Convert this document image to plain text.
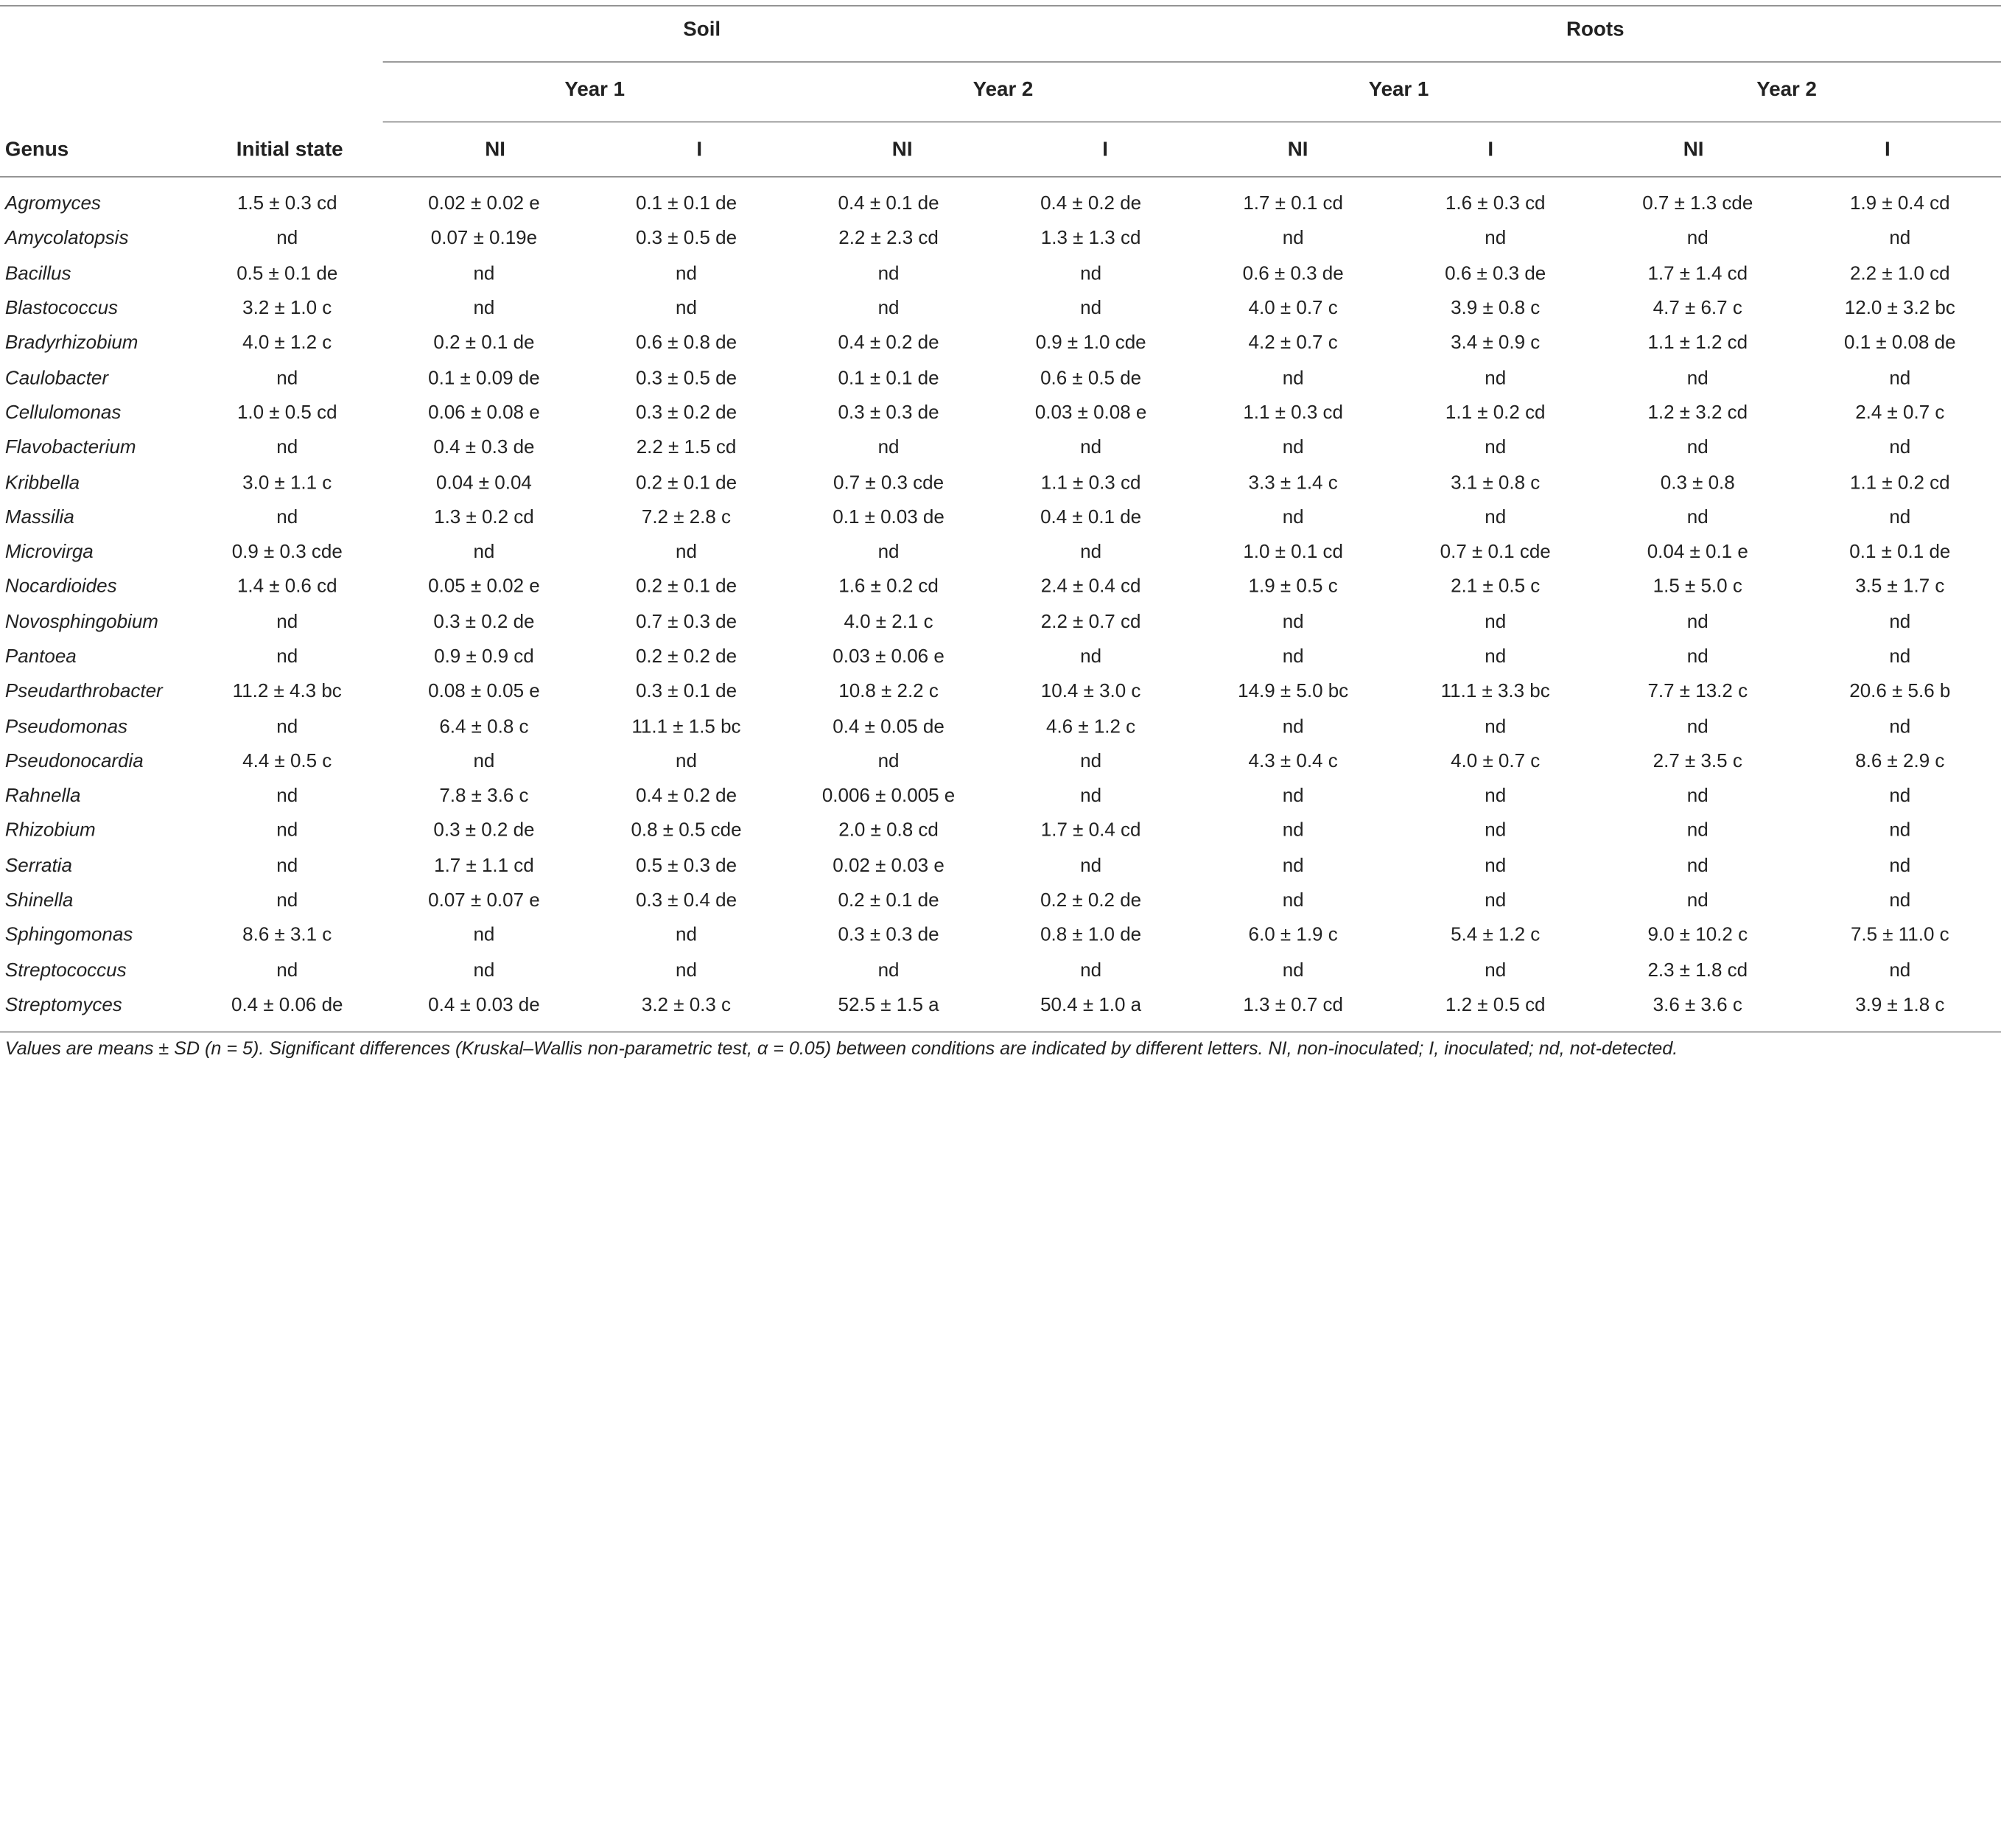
Soil	Roots
Year 1	Year 2	Year 1	Year 2
Genus	Initial state	NI	I	NI	I	NI	I	NI	I
Agromyces	1.5 ± 0.3 cd	0.02 ± 0.02 e	0.1 ± 0.1 de	0.4 ± 0.1 de	0.4 ± 0.2 de	1.7 ± 0.1 cd	1.6 ± 0.3 cd	0.7 ± 1.3 cde	1.9 ± 0.4 cd
Amycolatopsis	nd	0.07 ± 0.19e	0.3 ± 0.5 de	2.2 ± 2.3 cd	1.3 ± 1.3 cd	nd	nd	nd	nd
Bacillus	0.5 ± 0.1 de	nd	nd	nd	nd	0.6 ± 0.3 de	0.6 ± 0.3 de	1.7 ± 1.4 cd	2.2 ± 1.0 cd
Blastococcus	3.2 ± 1.0 c	nd	nd	nd	nd	4.0 ± 0.7 c	3.9 ± 0.8 c	4.7 ± 6.7 c	12.0 ± 3.2 bc
Bradyrhizobium	4.0 ± 1.2 c	0.2 ± 0.1 de	0.6 ± 0.8 de	0.4 ± 0.2 de	0.9 ± 1.0 cde	4.2 ± 0.7 c	3.4 ± 0.9 c	1.1 ± 1.2 cd	0.1 ± 0.08 de
Caulobacter	nd	0.1 ± 0.09 de	0.3 ± 0.5 de	0.1 ± 0.1 de	0.6 ± 0.5 de	nd	nd	nd	nd
Cellulomonas	1.0 ± 0.5 cd	0.06 ± 0.08 e	0.3 ± 0.2 de	0.3 ± 0.3 de	0.03 ± 0.08 e	1.1 ± 0.3 cd	1.1 ± 0.2 cd	1.2 ± 3.2 cd	2.4 ± 0.7 c
Flavobacterium	nd	0.4 ± 0.3 de	2.2 ± 1.5 cd	nd	nd	nd	nd	nd	nd
Kribbella	3.0 ± 1.1 c	0.04 ± 0.04	0.2 ± 0.1 de	0.7 ± 0.3 cde	1.1 ± 0.3 cd	3.3 ± 1.4 c	3.1 ± 0.8 c	0.3 ± 0.8	1.1 ± 0.2 cd
Massilia	nd	1.3 ± 0.2 cd	7.2 ± 2.8 c	0.1 ± 0.03 de	0.4 ± 0.1 de	nd	nd	nd	nd
Microvirga	0.9 ± 0.3 cde	nd	nd	nd	nd	1.0 ± 0.1 cd	0.7 ± 0.1 cde	0.04 ± 0.1 e	0.1 ± 0.1 de
Nocardioides	1.4 ± 0.6 cd	0.05 ± 0.02 e	0.2 ± 0.1 de	1.6 ± 0.2 cd	2.4 ± 0.4 cd	1.9 ± 0.5 c	2.1 ± 0.5 c	1.5 ± 5.0 c	3.5 ± 1.7 c
Novosphingobium	nd	0.3 ± 0.2 de	0.7 ± 0.3 de	4.0 ± 2.1 c	2.2 ± 0.7 cd	nd	nd	nd	nd
Pantoea	nd	0.9 ± 0.9 cd	0.2 ± 0.2 de	0.03 ± 0.06 e	nd	nd	nd	nd	nd
Pseudarthrobacter	11.2 ± 4.3 bc	0.08 ± 0.05 e	0.3 ± 0.1 de	10.8 ± 2.2 c	10.4 ± 3.0 c	14.9 ± 5.0 bc	11.1 ± 3.3 bc	7.7 ± 13.2 c	20.6 ± 5.6 b
Pseudomonas	nd	6.4 ± 0.8 c	11.1 ± 1.5 bc	0.4 ± 0.05 de	4.6 ± 1.2 c	nd	nd	nd	nd
Pseudonocardia	4.4 ± 0.5 c	nd	nd	nd	nd	4.3 ± 0.4 c	4.0 ± 0.7 c	2.7 ± 3.5 c	8.6 ± 2.9 c
Rahnella	nd	7.8 ± 3.6 c	0.4 ± 0.2 de	0.006 ± 0.005 e	nd	nd	nd	nd	nd
Rhizobium	nd	0.3 ± 0.2 de	0.8 ± 0.5 cde	2.0 ± 0.8 cd	1.7 ± 0.4 cd	nd	nd	nd	nd
Serratia	nd	1.7 ± 1.1 cd	0.5 ± 0.3 de	0.02 ± 0.03 e	nd	nd	nd	nd	nd
Shinella	nd	0.07 ± 0.07 e	0.3 ± 0.4 de	0.2 ± 0.1 de	0.2 ± 0.2 de	nd	nd	nd	nd
Sphingomonas	8.6 ± 3.1 c	nd	nd	0.3 ± 0.3 de	0.8 ± 1.0 de	6.0 ± 1.9 c	5.4 ± 1.2 c	9.0 ± 10.2 c	7.5 ± 11.0 c
Streptococcus	nd	nd	nd	nd	nd	nd	nd	2.3 ± 1.8 cd	nd
Streptomyces	0.4 ± 0.06 de	0.4 ± 0.03 de	3.2 ± 0.3 c	52.5 ± 1.5 a	50.4 ± 1.0 a	1.3 ± 0.7 cd	1.2 ± 0.5 cd	3.6 ± 3.6 c	3.9 ± 1.8 c
Values are means ± SD (n = 5). Significant differences (Kruskal–Wallis non-parametric test, α = 0.05) between conditions are indicated by different letters. NI, non-inoculated; I, inoculated; nd, not-detected.
